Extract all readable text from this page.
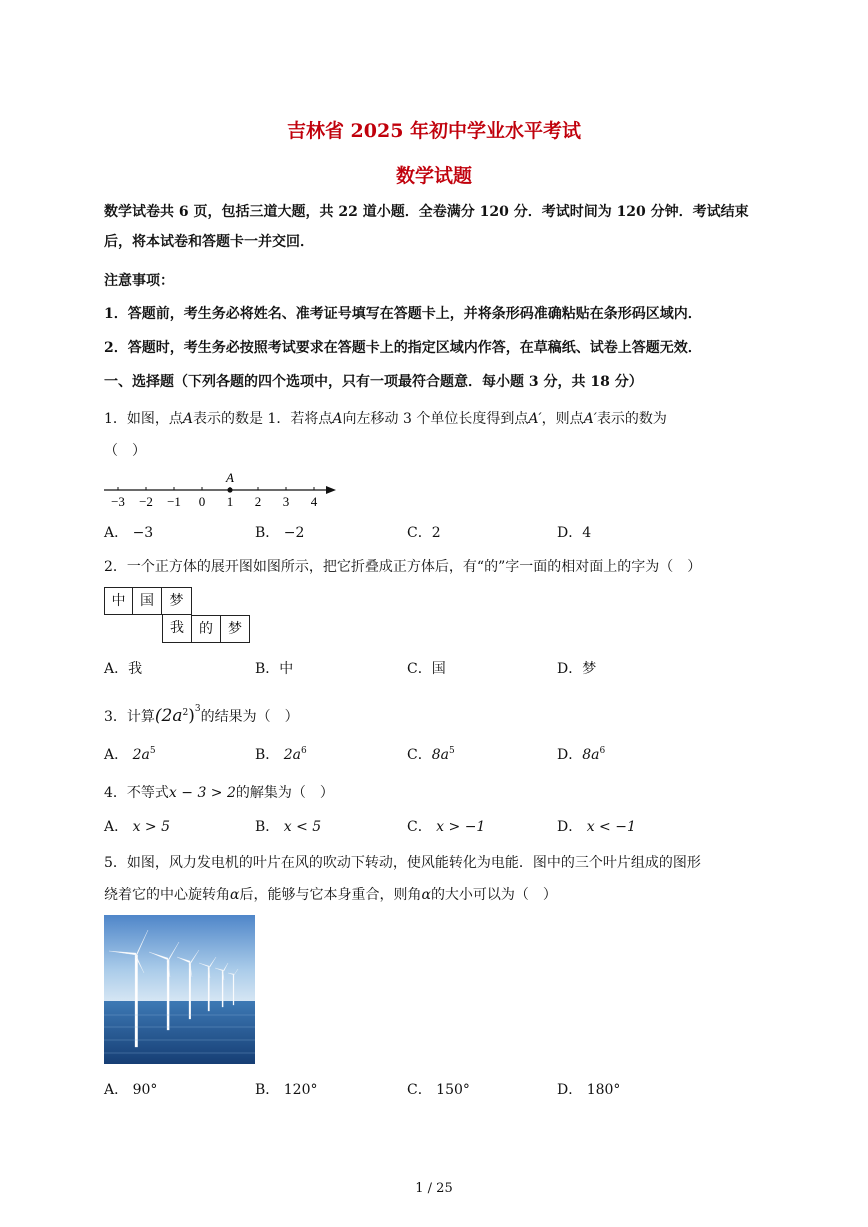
吉林省 2025 年初中学业水平考试
数学试题
数学试卷共 6 页，包括三道大题，共 22 道小题．全卷满分 120 分．考试时间为 120 分钟．考试结束后，将本试卷和答题卡一并交回．
注意事项：
1．答题前，考生务必将姓名、准考证号填写在答题卡上，并将条形码准确粘贴在条形码区域内．
2．答题时，考生务必按照考试要求在答题卡上的指定区域内作答，在草稿纸、试卷上答题无效．
一、选择题（下列各题的四个选项中，只有一项最符合题意．每小题 3 分，共 18 分）
1．如图，点A表示的数是 1．若将点A向左移动 3 个单位长度得到点A′，则点A′表示的数为
（　）
−3 −2 −1 0 1 2 3 4
A
A． −3	B． −2	C．2	D．4
2．一个正方体的展开图如图所示，把它折叠成正方体后，有“的”字一面的相对面上的字为（　）
中	国	梦
我	的	梦
A．我	B．中	C．国	D．梦
3．计算$(2a^2)^3$的结果为（　）
A． $2a^5$	B． $2a^6$	C．$8a^5$	D．$8a^6$
4．不等式x − 3 > 2的解集为（　）
A． x > 5	B． x < 5	C． x > −1	D． x < −1
5．如图，风力发电机的叶片在风的吹动下转动，使风能转化为电能．图中的三个叶片组成的图形
绕着它的中心旋转角α后，能够与它本身重合，则角α的大小可以为（　）
A． 90°	B． 120°	C． 150°	D． 180°
1 / 25
